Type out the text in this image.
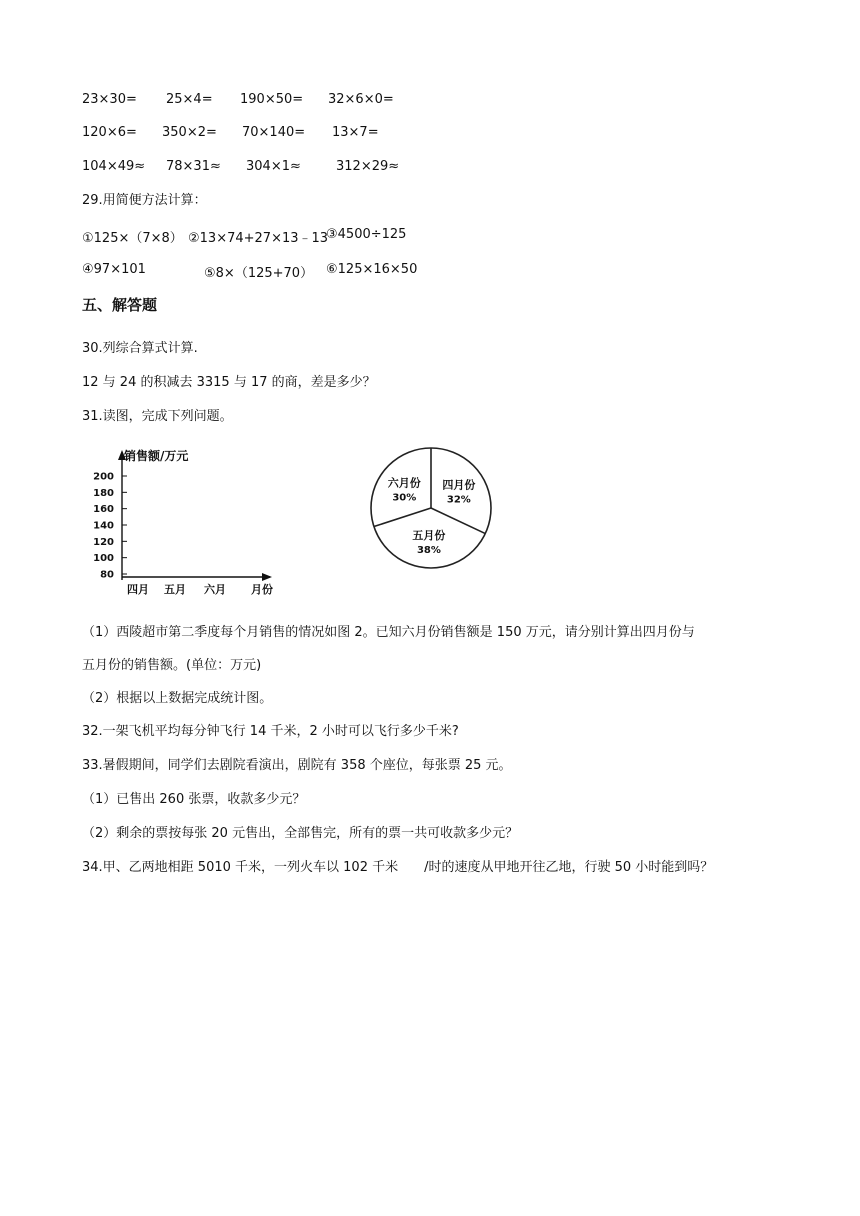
23×30= 25×4= 190×50= 32×6×0=
120×6= 350×2= 70×140= 13×7=
104×49≈ 78×31≈ 304×1≈	312×29≈
29.用简便方法计算：
①125×（7×8） ②13×74+27×13﹣13
③4500÷125
④97×101	⑤8×（125+70） ⑥125×16×50
五、解答题
30.列综合算式计算.
12 与 24 的积减去 3315 与 17 的商，差是多少？
31.读图，完成下列问题。
销售额/万元
200
180
160
140
120
100
80
四月 五月 六月 月份
四月份
32%
五月份
38%
六月份
30%
（1）西陵超市第二季度每个月销售的情况如图 2。已知六月份销售额是 150 万元，请分别计算出四月份与
五月份的销售额。(单位：万元)
（2）根据以上数据完成统计图。
32.一架飞机平均每分钟飞行 14 千米，2 小时可以飞行多少千米?
33.暑假期间，同学们去剧院看演出，剧院有 358 个座位，每张票 25 元。
（1）已售出 260 张票，收款多少元？
（2）剩余的票按每张 20 元售出，全部售完，所有的票一共可收款多少元？
34.甲、乙两地相距 5010 千米，一列火车以 102 千米 /时的速度从甲地开往乙地，行驶 50 小时能到吗？
